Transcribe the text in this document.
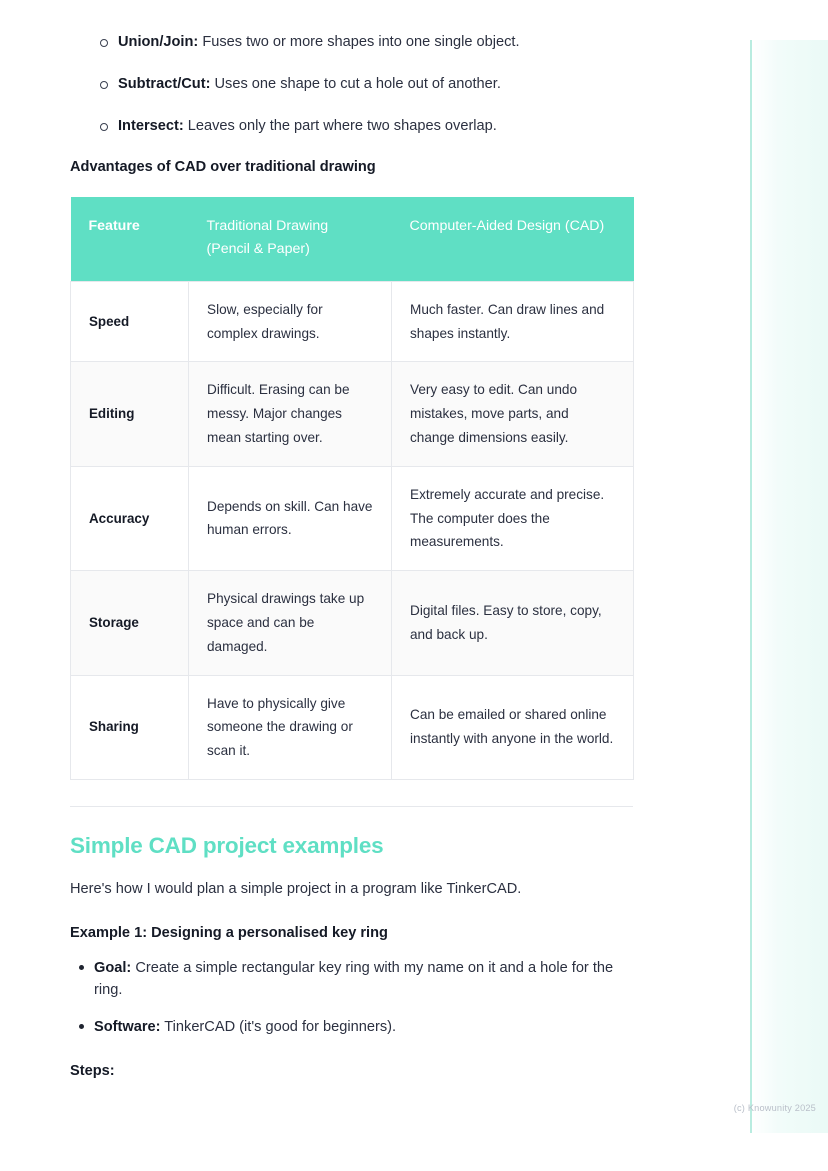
Union/Join: Fuses two or more shapes into one single object.
Subtract/Cut: Uses one shape to cut a hole out of another.
Intersect: Leaves only the part where two shapes overlap.
Advantages of CAD over traditional drawing
Feature	Traditional Drawing (Pencil & Paper)	Computer-Aided Design (CAD)
Speed	Slow, especially for complex drawings.	Much faster. Can draw lines and shapes instantly.
Editing	Difficult. Erasing can be messy. Major changes mean starting over.	Very easy to edit. Can undo mistakes, move parts, and change dimensions easily.
Accuracy	Depends on skill. Can have human errors.	Extremely accurate and precise. The computer does the measurements.
Storage	Physical drawings take up space and can be damaged.	Digital files. Easy to store, copy, and back up.
Sharing	Have to physically give someone the drawing or scan it.	Can be emailed or shared online instantly with anyone in the world.
Simple CAD project examples

Here's how I would plan a simple project in a program like TinkerCAD.

Example 1: Designing a personalised key ring
Goal: Create a simple rectangular key ring with my name on it and a hole for the ring.
Software: TinkerCAD (it's good for beginners).
Steps:
(c) Knowunity 2025
